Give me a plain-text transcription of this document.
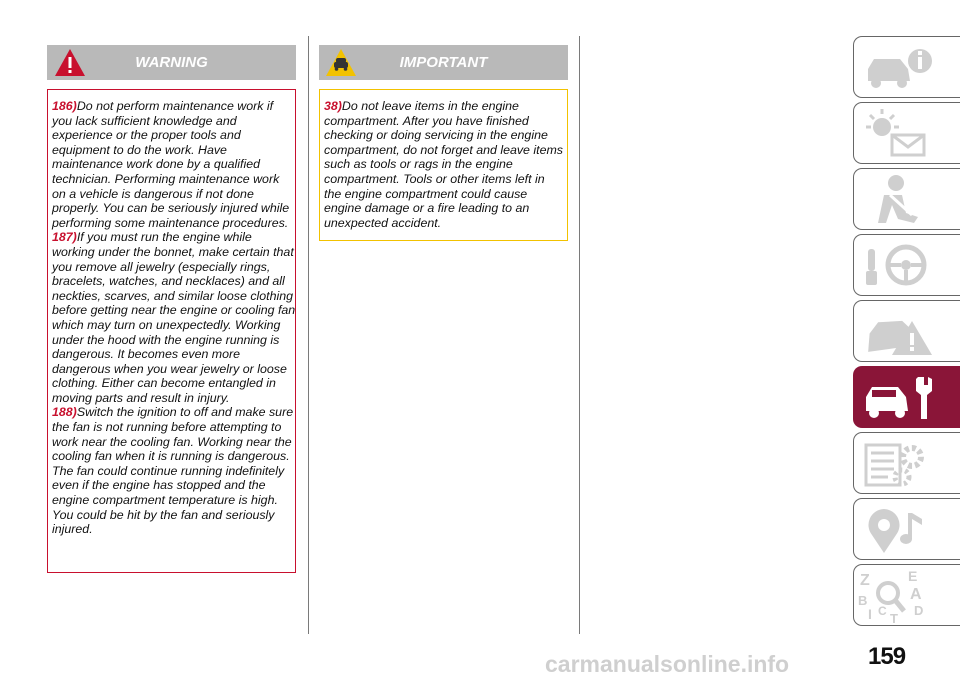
WARNING

186)Do not perform maintenance work if you lack sufficient knowledge and experience or the proper tools and equipment to do the work. Have maintenance work done by a qualified technician. Performing maintenance work on a vehicle is dangerous if not done properly. You can be seriously injured while performing some maintenance procedures.

187)If you must run the engine while working under the bonnet, make certain that you remove all jewelry (especially rings, bracelets, watches, and necklaces) and all neckties, scarves, and similar loose clothing before getting near the engine or cooling fan which may turn on unexpectedly. Working under the hood with the engine running is dangerous. It becomes even more dangerous when you wear jewelry or loose clothing. Either can become entangled in moving parts and result in injury.

188)Switch the ignition to off and make sure the fan is not running before attempting to work near the cooling fan. Working near the cooling fan when it is running is dangerous. The fan could continue running indefinitely even if the engine has stopped and the engine compartment temperature is high. You could be hit by the fan and seriously injured.

IMPORTANT

38)Do not leave items in the engine compartment. After you have finished checking or doing servicing in the engine compartment, do not forget and leave items such as tools or rags in the engine compartment. Tools or other items left in the engine compartment could cause engine damage or a fire leading to an unexpected accident.

Z	E
B	A
D
I C T
159
carmanualsonline.info
